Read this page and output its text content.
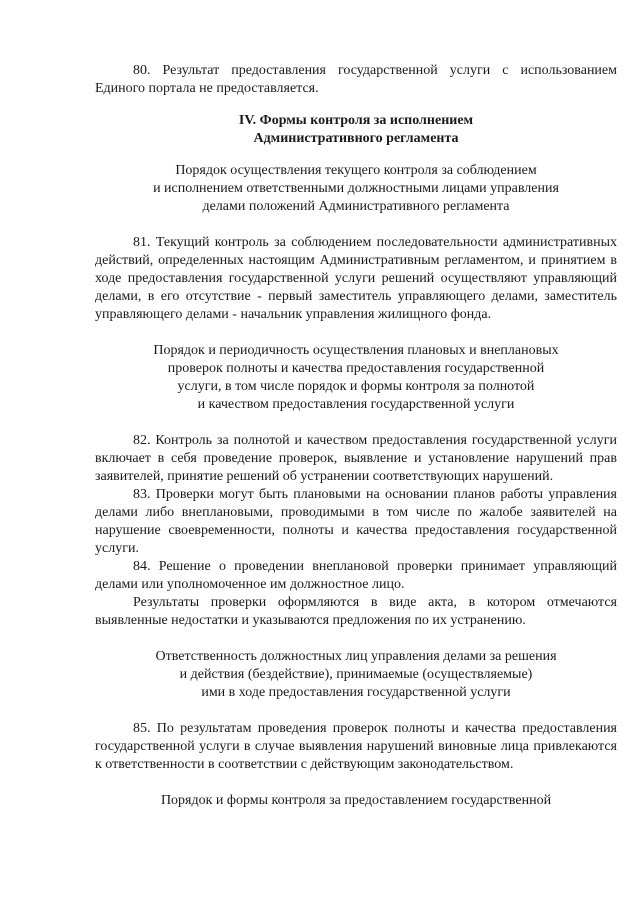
80. Результат предоставления государственной услуги с использованием Единого портала не предоставляется.

IV. Формы контроля за исполнением
Административного регламента
Порядок осуществления текущего контроля за соблюдением
и исполнением ответственными должностными лицами управления
делами положений Административного регламента

81. Текущий контроль за соблюдением последовательности административных действий, определенных настоящим Административным регламентом, и принятием в ходе предоставления государственной услуги решений осуществляют управляющий делами, в его отсутствие - первый заместитель управляющего делами, заместитель управляющего делами - начальник управления жилищного фонда.

Порядок и периодичность осуществления плановых и внеплановых
проверок полноты и качества предоставления государственной
услуги, в том числе порядок и формы контроля за полнотой
и качеством предоставления государственной услуги

82. Контроль за полнотой и качеством предоставления государственной услуги включает в себя проведение проверок, выявление и установление нарушений прав заявителей, принятие решений об устранении соответствующих нарушений.

83. Проверки могут быть плановыми на основании планов работы управления делами либо внеплановыми, проводимыми в том числе по жалобе заявителей на нарушение своевременности, полноты и качества предоставления государственной услуги.

84. Решение о проведении внеплановой проверки принимает управляющий делами или уполномоченное им должностное лицо.

Результаты проверки оформляются в виде акта, в котором отмечаются выявленные недостатки и указываются предложения по их устранению.

Ответственность должностных лиц управления делами за решения
и действия (бездействие), принимаемые (осуществляемые)
ими в ходе предоставления государственной услуги

85. По результатам проведения проверок полноты и качества предоставления государственной услуги в случае выявления нарушений виновные лица привлекаются к ответственности в соответствии с действующим законодательством.

Порядок и формы контроля за предоставлением государственной
